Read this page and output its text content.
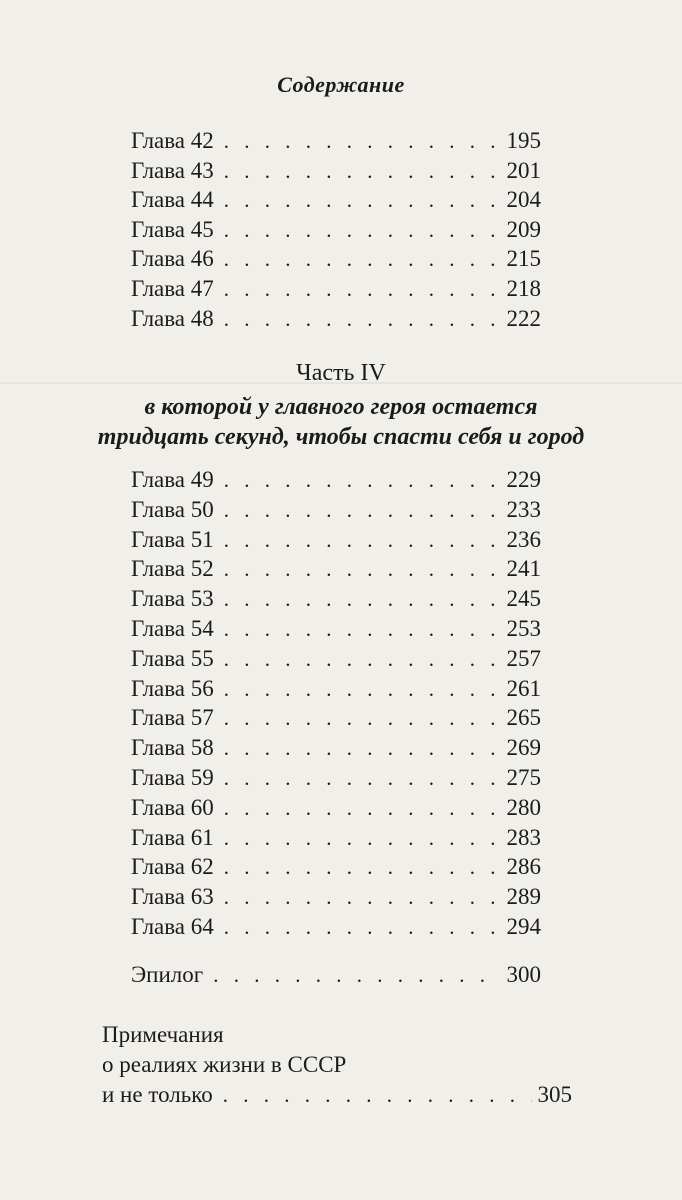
Содержание
Глава 42 . . .	195
Глава 43 . . .	201
Глава 44 . . .	204
Глава 45 . . .	209
Глава 46 . . .	215
Глава 47 . . .	218
Глава 48 . . .	222
Часть IV
в которой у главного героя остается
тридцать секунд, чтобы спасти себя и город
Глава 49 . . .	229
Глава 50 . . .	233
Глава 51 . . .	236
Глава 52 . . .	241
Глава 53 . . .	245
Глава 54 . . .	253
Глава 55 . . .	257
Глава 56 . . .	261
Глава 57 . . .	265
Глава 58 . . .	269
Глава 59 . . .	275
Глава 60 . . .	280
Глава 61 . . .	283
Глава 62 . . .	286
Глава 63 . . .	289
Глава 64 . . .	294
Эпилог . . .	300
Примечания
о реалиях жизни в СССР
и не только . . .	305
